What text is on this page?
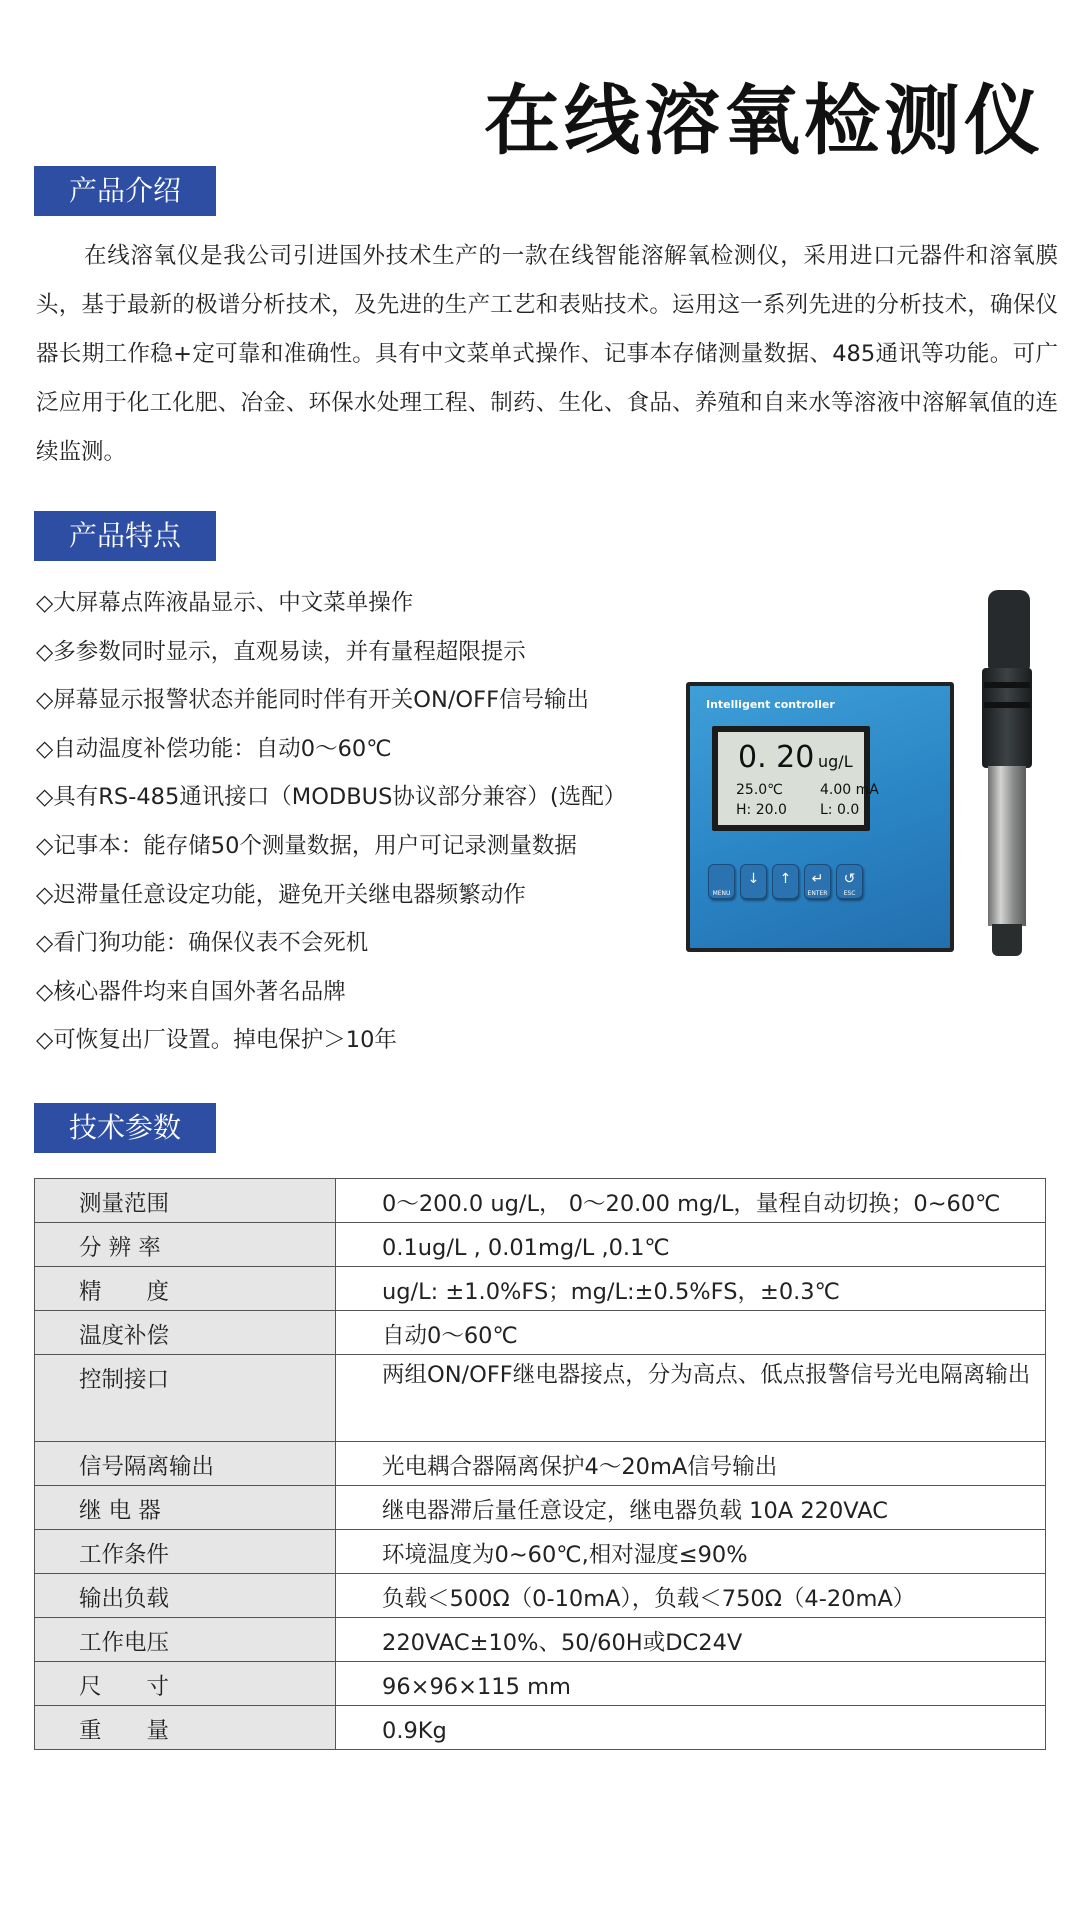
在线溶氧检测仪
产品介绍

在线溶氧仪是我公司引进国外技术生产的一款在线智能溶解氧检测仪，采用进口元器件和溶氧膜头，基于最新的极谱分析技术，及先进的生产工艺和表贴技术。运用这一系列先进的分析技术，确保仪器长期工作稳+定可靠和准确性。具有中文菜单式操作、记事本存储测量数据、485通讯等功能。可广泛应用于化工化肥、冶金、环保水处理工程、制药、生化、食品、养殖和自来水等溶液中溶解氧值的连续监测。

产品特点
◇大屏幕点阵液晶显示、中文菜单操作
◇多参数同时显示，直观易读，并有量程超限提示
◇屏幕显示报警状态并能同时伴有开关ON/OFF信号输出
◇自动温度补偿功能：自动0～60℃
◇具有RS-485通讯接口（MODBUS协议部分兼容）(选配）
◇记事本：能存储50个测量数据，用户可记录测量数据
◇迟滞量任意设定功能，避免开关继电器频繁动作
◇看门狗功能：确保仪表不会死机
◇核心器件均来自国外著名品牌
◇可恢复出厂设置。掉电保护＞10年
Intelligent controller
0. 20 ug/L
25.0℃	4.00 mA
H: 20.0 L: 0.0
MENU
↓	↑	↵
ENTER
↺
ESC
技术参数
测量范围	0～200.0 ug/L， 0～20.00 mg/L，量程自动切换；0~60℃
分 辨 率	0.1ug/L , 0.01mg/L ,0.1℃
精　　度	ug/L: ±1.0%FS；mg/L:±0.5%FS，±0.3℃
温度补偿	自动0～60℃
控制接口	两组ON/OFF继电器接点，分为高点、低点报警信号光电隔离输出
信号隔离输出	光电耦合器隔离保护4～20mA信号输出
继 电 器	继电器滞后量任意设定，继电器负载 10A 220VAC
工作条件	环境温度为0~60℃,相对湿度≤90%
输出负载	负载＜500Ω（0-10mA），负载＜750Ω（4-20mA）
工作电压	220VAC±10%、50/60H或DC24V
尺　　寸	96×96×115 mm
重　　量	0.9Kg
